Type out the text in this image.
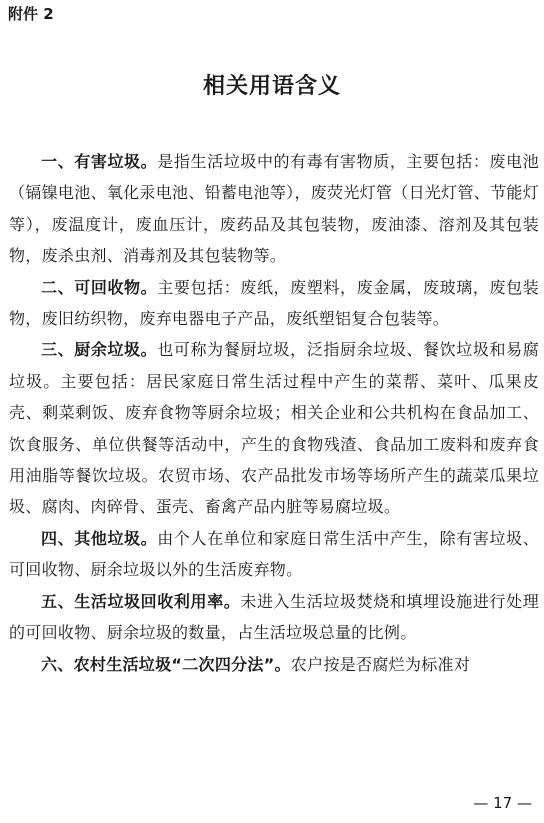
附件 2
相关用语含义

一、有害垃圾。是指生活垃圾中的有毒有害物质，主要包括：废电池（镉镍电池、氧化汞电池、铅蓄电池等），废荧光灯管（日光灯管、节能灯等），废温度计，废血压计，废药品及其包装物，废油漆、溶剂及其包装物，废杀虫剂、消毒剂及其包装物等。

二、可回收物。主要包括：废纸，废塑料，废金属，废玻璃，废包装物，废旧纺织物，废弃电器电子产品，废纸塑铝复合包装等。

三、厨余垃圾。也可称为餐厨垃圾，泛指厨余垃圾、餐饮垃圾和易腐垃圾。主要包括：居民家庭日常生活过程中产生的菜帮、菜叶、瓜果皮壳、剩菜剩饭、废弃食物等厨余垃圾；相关企业和公共机构在食品加工、饮食服务、单位供餐等活动中，产生的食物残渣、食品加工废料和废弃食用油脂等餐饮垃圾。农贸市场、农产品批发市场等场所产生的蔬菜瓜果垃圾、腐肉、肉碎骨、蛋壳、畜禽产品内脏等易腐垃圾。

四、其他垃圾。由个人在单位和家庭日常生活中产生，除有害垃圾、可回收物、厨余垃圾以外的生活废弃物。

五、生活垃圾回收利用率。未进入生活垃圾焚烧和填埋设施进行处理的可回收物、厨余垃圾的数量，占生活垃圾总量的比例。

六、农村生活垃圾“二次四分法”。农户按是否腐烂为标准对

— 17 —
